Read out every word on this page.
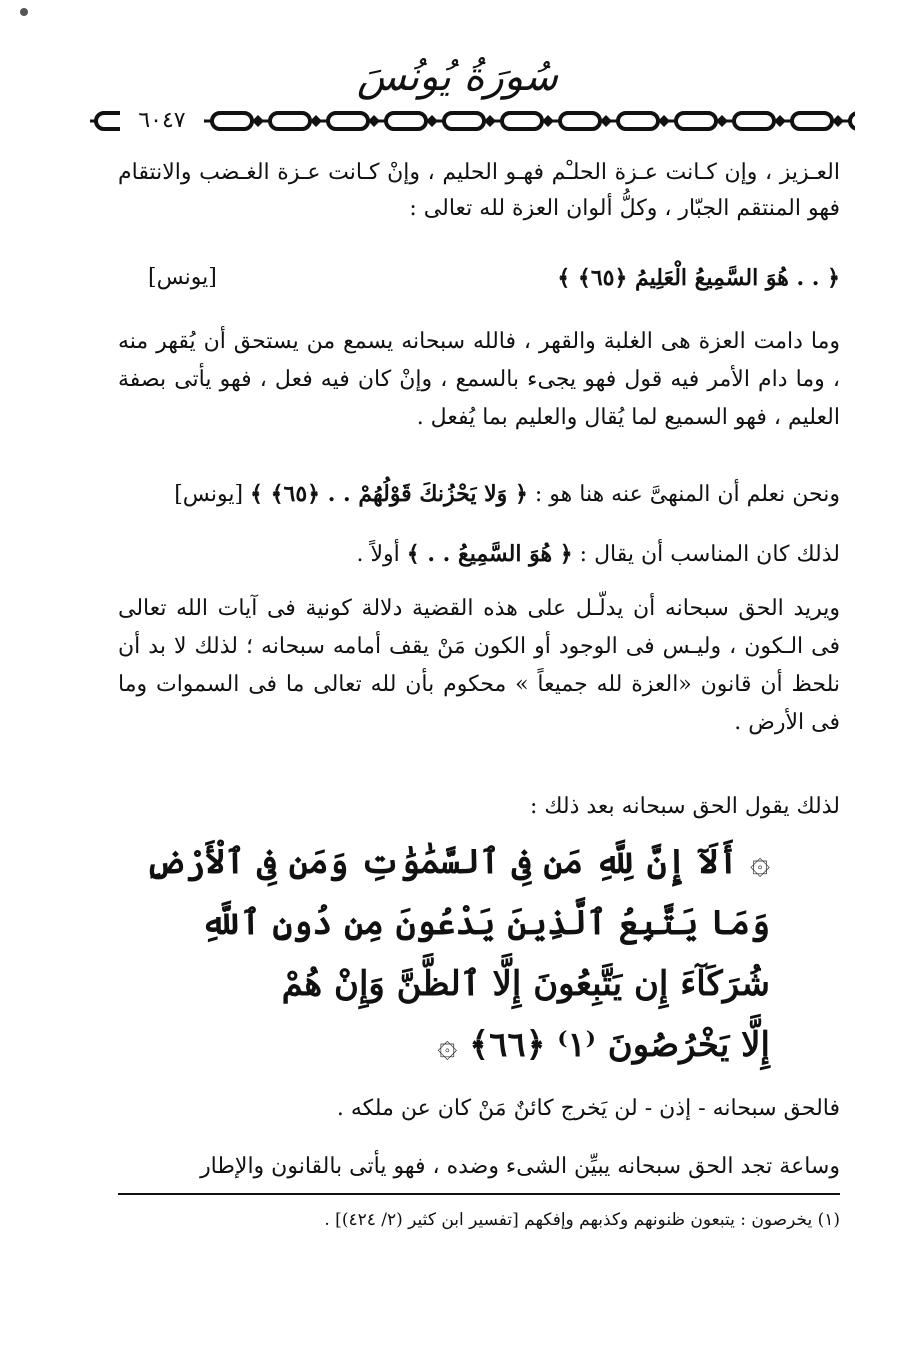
سُورَةُ يُونُسَ
٦٠٤٧
العـزيز ، وإن كـانت عـزة الحلـْم فهـو الحليم ، وإنْ كـانت عـزة الغـضب والانتقام فهو المنتقم الجبّار ، وكلُّ ألوان العزة لله تعالى :
﴿ . . هُوَ السَّمِيعُ الْعَلِيمُ ﴿٦٥﴾ ﴾
[يونس]
وما دامت العزة هى الغلبة والقهر ، فالله سبحانه يسمع من يستحق أن يُقهر منه ، وما دام الأمر فيه قول فهو يجىء بالسمع ، وإنْ كان فيه فعل ، فهو يأتى بصفة العليم ، فهو السميع لما يُقال والعليم بما يُفعل .
ونحن نعلم أن المنهىَّ عنه هنا هو : ﴿ وَلا يَحْزُنكَ قَوْلُهُمْ . . ﴿٦٥﴾ ﴾ [يونس]
لذلك كان المناسب أن يقال : ﴿ هُوَ السَّمِيعُ . . ﴾ أولاً .
ويريد الحق سبحانه أن يدلّـل على هذه القضية دلالة كونية فى آيات الله تعالى فى الـكون ، وليـس فى الوجود أو الكون مَنْ يقف أمامه سبحانه ؛ لذلك لا بد أن نلحظ أن قانون «العزة لله جميعاً » محكوم بأن لله تعالى ما فى السموات وما فى الأرض .
لذلك يقول الحق سبحانه بعد ذلك :
۞ أَلَآ إِنَّ لِلَّهِ مَن فِى ٱلسَّمَٰوَٰتِ وَمَن فِى ٱلْأَرْضِ
وَمَا يَتَّبِعُ ٱلَّذِينَ يَدْعُونَ مِن دُونِ ٱللَّهِ
شُرَكَآءَ إِن يَتَّبِعُونَ إِلَّا ٱلظَّنَّ وَإِنْ هُمْ
إِلَّا يَخْرُصُونَ ⁽١⁾ ﴿٦٦﴾ ۞
فالحق سبحانه - إذن - لن يَخرج كائنٌ مَنْ كان عن ملكه .
وساعة تجد الحق سبحانه يبيِّن الشىء وضده ، فهو يأتى بالقانون والإطار
(١) يخرصون : يتبعون ظنونهم وكذبهم وإفكهم [تفسير ابن كثير (٢/ ٤٢٤)] .
